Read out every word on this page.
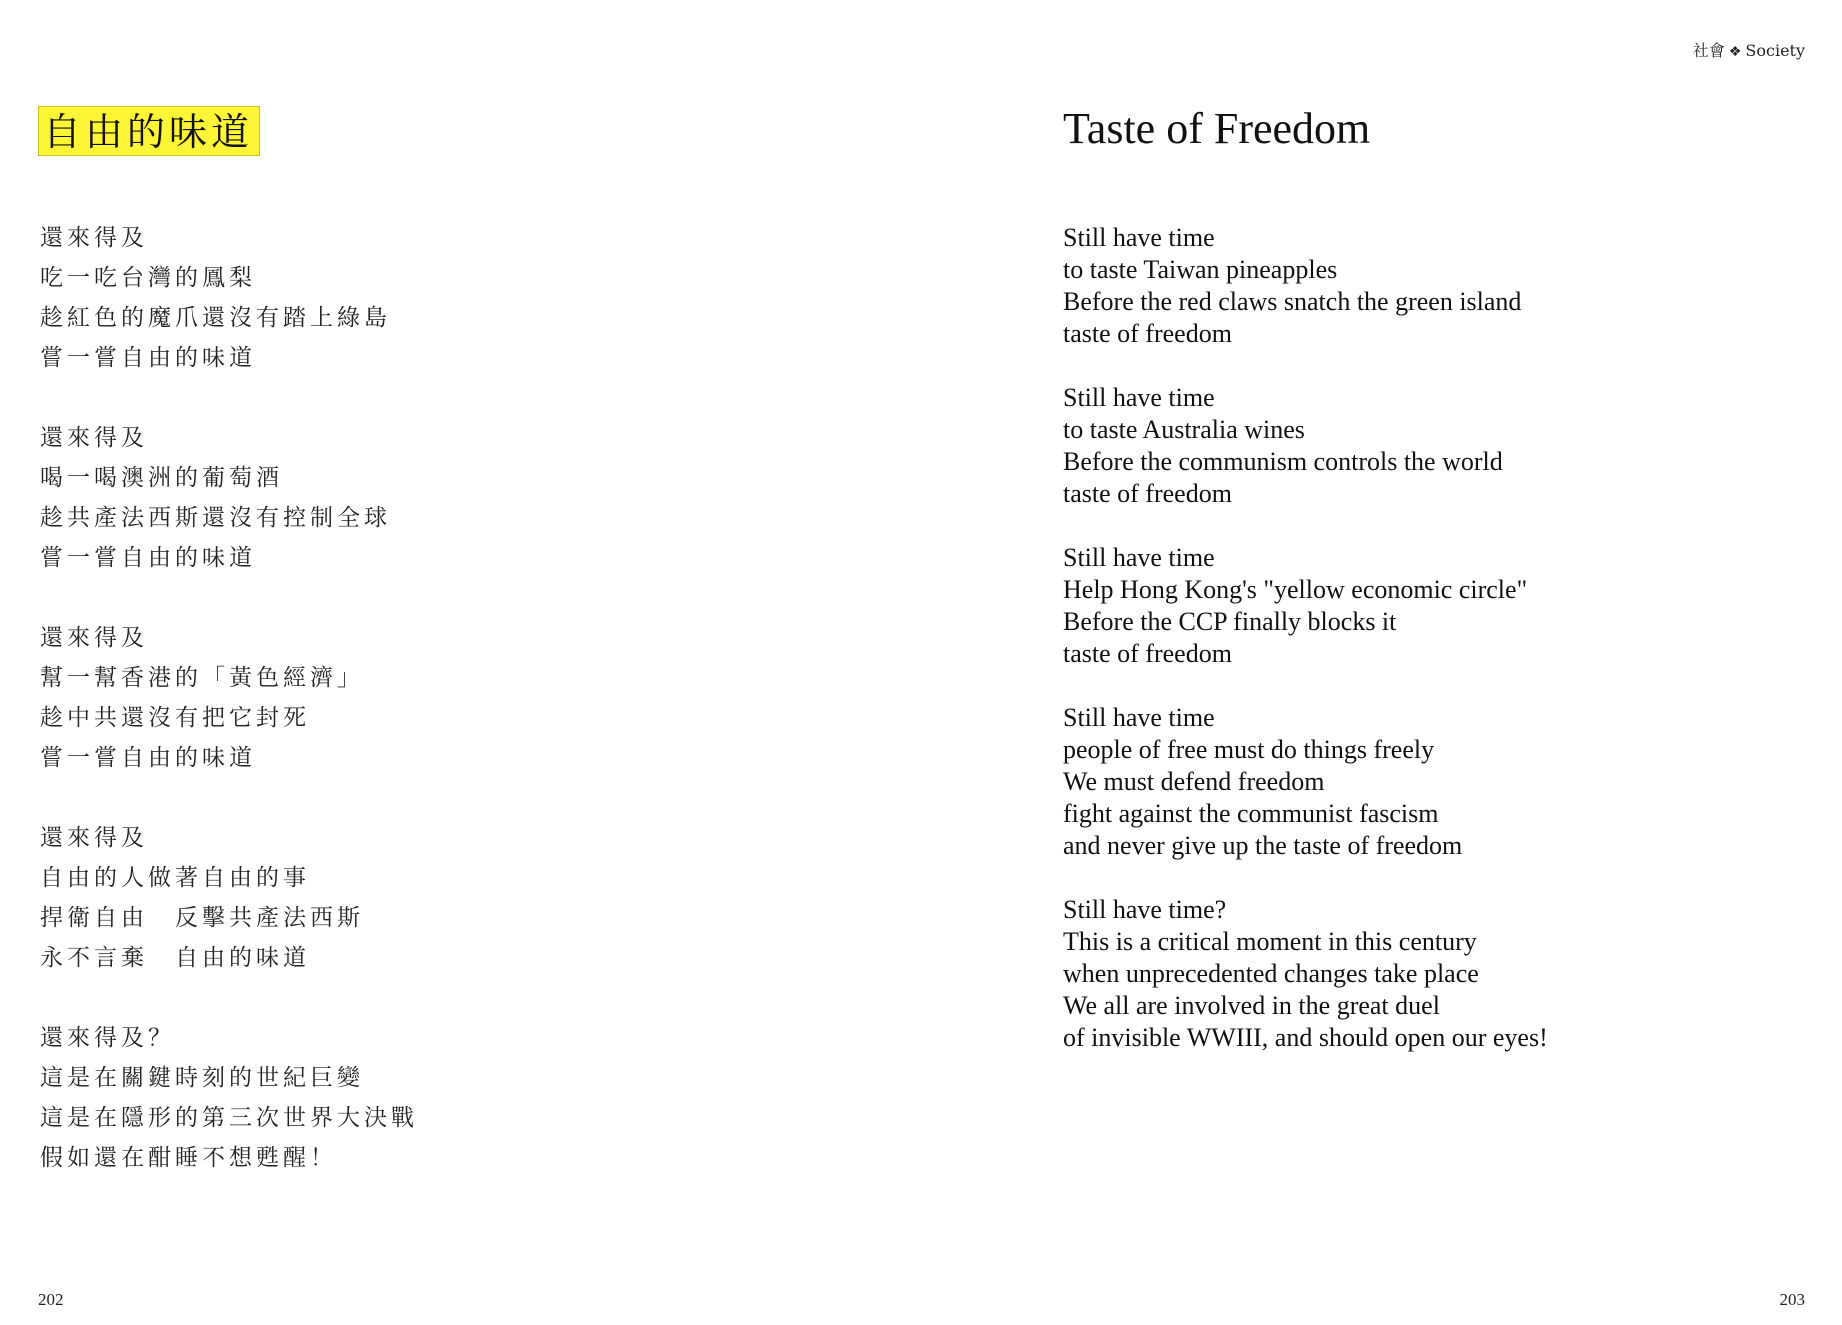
自由的味道
還來得及
吃一吃台灣的鳳梨
趁紅色的魔爪還沒有踏上綠島
嘗一嘗自由的味道
還來得及
喝一喝澳洲的葡萄酒
趁共產法西斯還沒有控制全球
嘗一嘗自由的味道
還來得及
幫一幫香港的「黃色經濟」
趁中共還沒有把它封死
嘗一嘗自由的味道
還來得及
自由的人做著自由的事
捍衛自由　反擊共產法西斯
永不言棄　自由的味道
還來得及？
這是在關鍵時刻的世紀巨變
這是在隱形的第三次世界大決戰
假如還在酣睡不想甦醒！
202
社會 ❖ Society
Taste of Freedom
Still have time
to taste Taiwan pineapples
Before the red claws snatch the green island
taste of freedom
Still have time
to taste Australia wines
Before the communism controls the world
taste of freedom
Still have time
Help Hong Kong's "yellow economic circle"
Before the CCP finally blocks it
taste of freedom
Still have time
people of free must do things freely
We must defend freedom
fight against the communist fascism
and never give up the taste of freedom
Still have time?
This is a critical moment in this century
when unprecedented changes take place
We all are involved in the great duel
of invisible WWIII, and should open our eyes!
203
